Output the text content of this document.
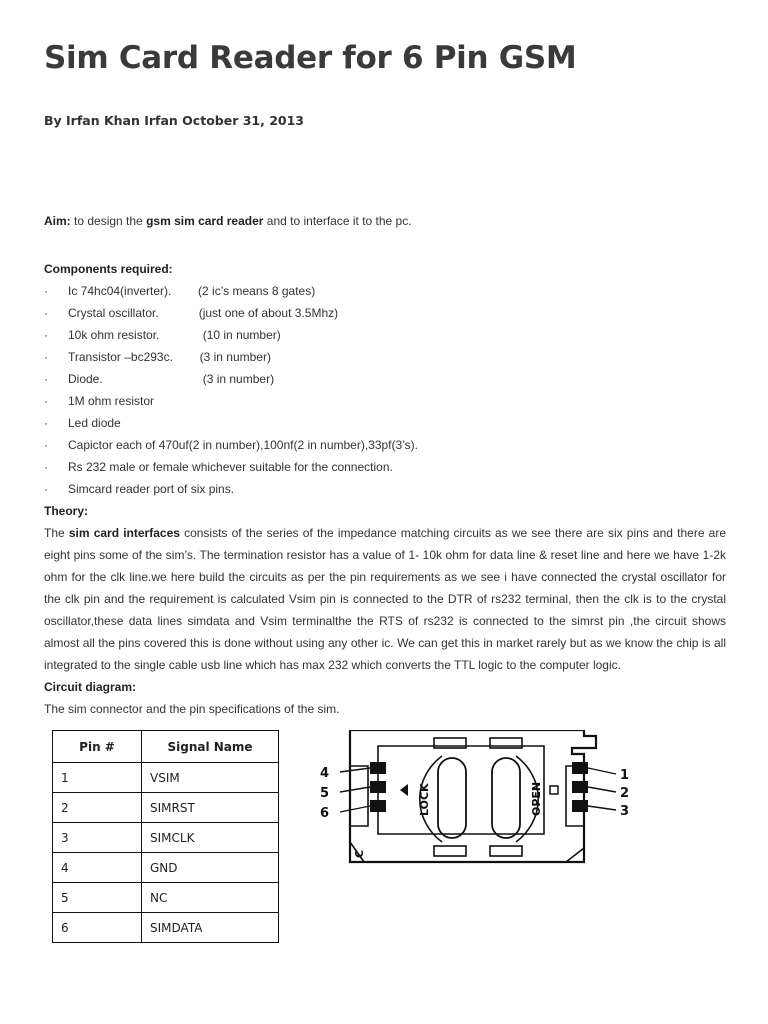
Sim Card Reader for 6 Pin GSM
By Irfan Khan Irfan October 31, 2013

Aim: to design the gsm sim card reader and to interface it to the pc.

Components required:

· Ic 74hc04(inverter).        (2 ic’s means 8 gates)
· Crystal oscillator.            (just one of about 3.5Mhz)
· 10k ohm resistor.             (10 in number)
· Transistor –bc293c.        (3 in number)
· Diode.                              (3 in number)
· 1M ohm resistor
· Led diode
· Capictor each of 470uf(2 in number),100nf(2 in number),33pf(3’s).
· Rs 232 male or female whichever suitable for the connection.
· Simcard reader port of six pins.

Theory:

The sim card interfaces consists of the series of the impedance matching circuits as we see there are six pins and there are eight pins some of the sim’s. The termination resistor has a value of 1- 10k ohm for data line & reset line and here we have 1-2k ohm for the clk line.we here build the circuits as per the pin requirements as we see i have connected the crystal oscillator for the clk pin and the requirement is calculated Vsim pin is connected to the DTR of rs232 terminal, then the clk is to the crystal oscillator,these data lines simdata and Vsim terminalthe the RTS of rs232 is connected to the simrst pin ,the circuit shows almost all the pins covered this is done without using any other ic. We can get this in market rarely but as we know the chip is all integrated to the single cable usb line which has max 232 which converts the TTL logic to the computer logic.

Circuit diagram:

The sim connector and the pin specifications of the sim.

Pin #	Signal Name
1	VSIM
2	SIMRST
3	SIMCLK
4	GND
5	NC
6	SIMDATA
4
5
6
1
2
3
LOCK	OPEN
C
